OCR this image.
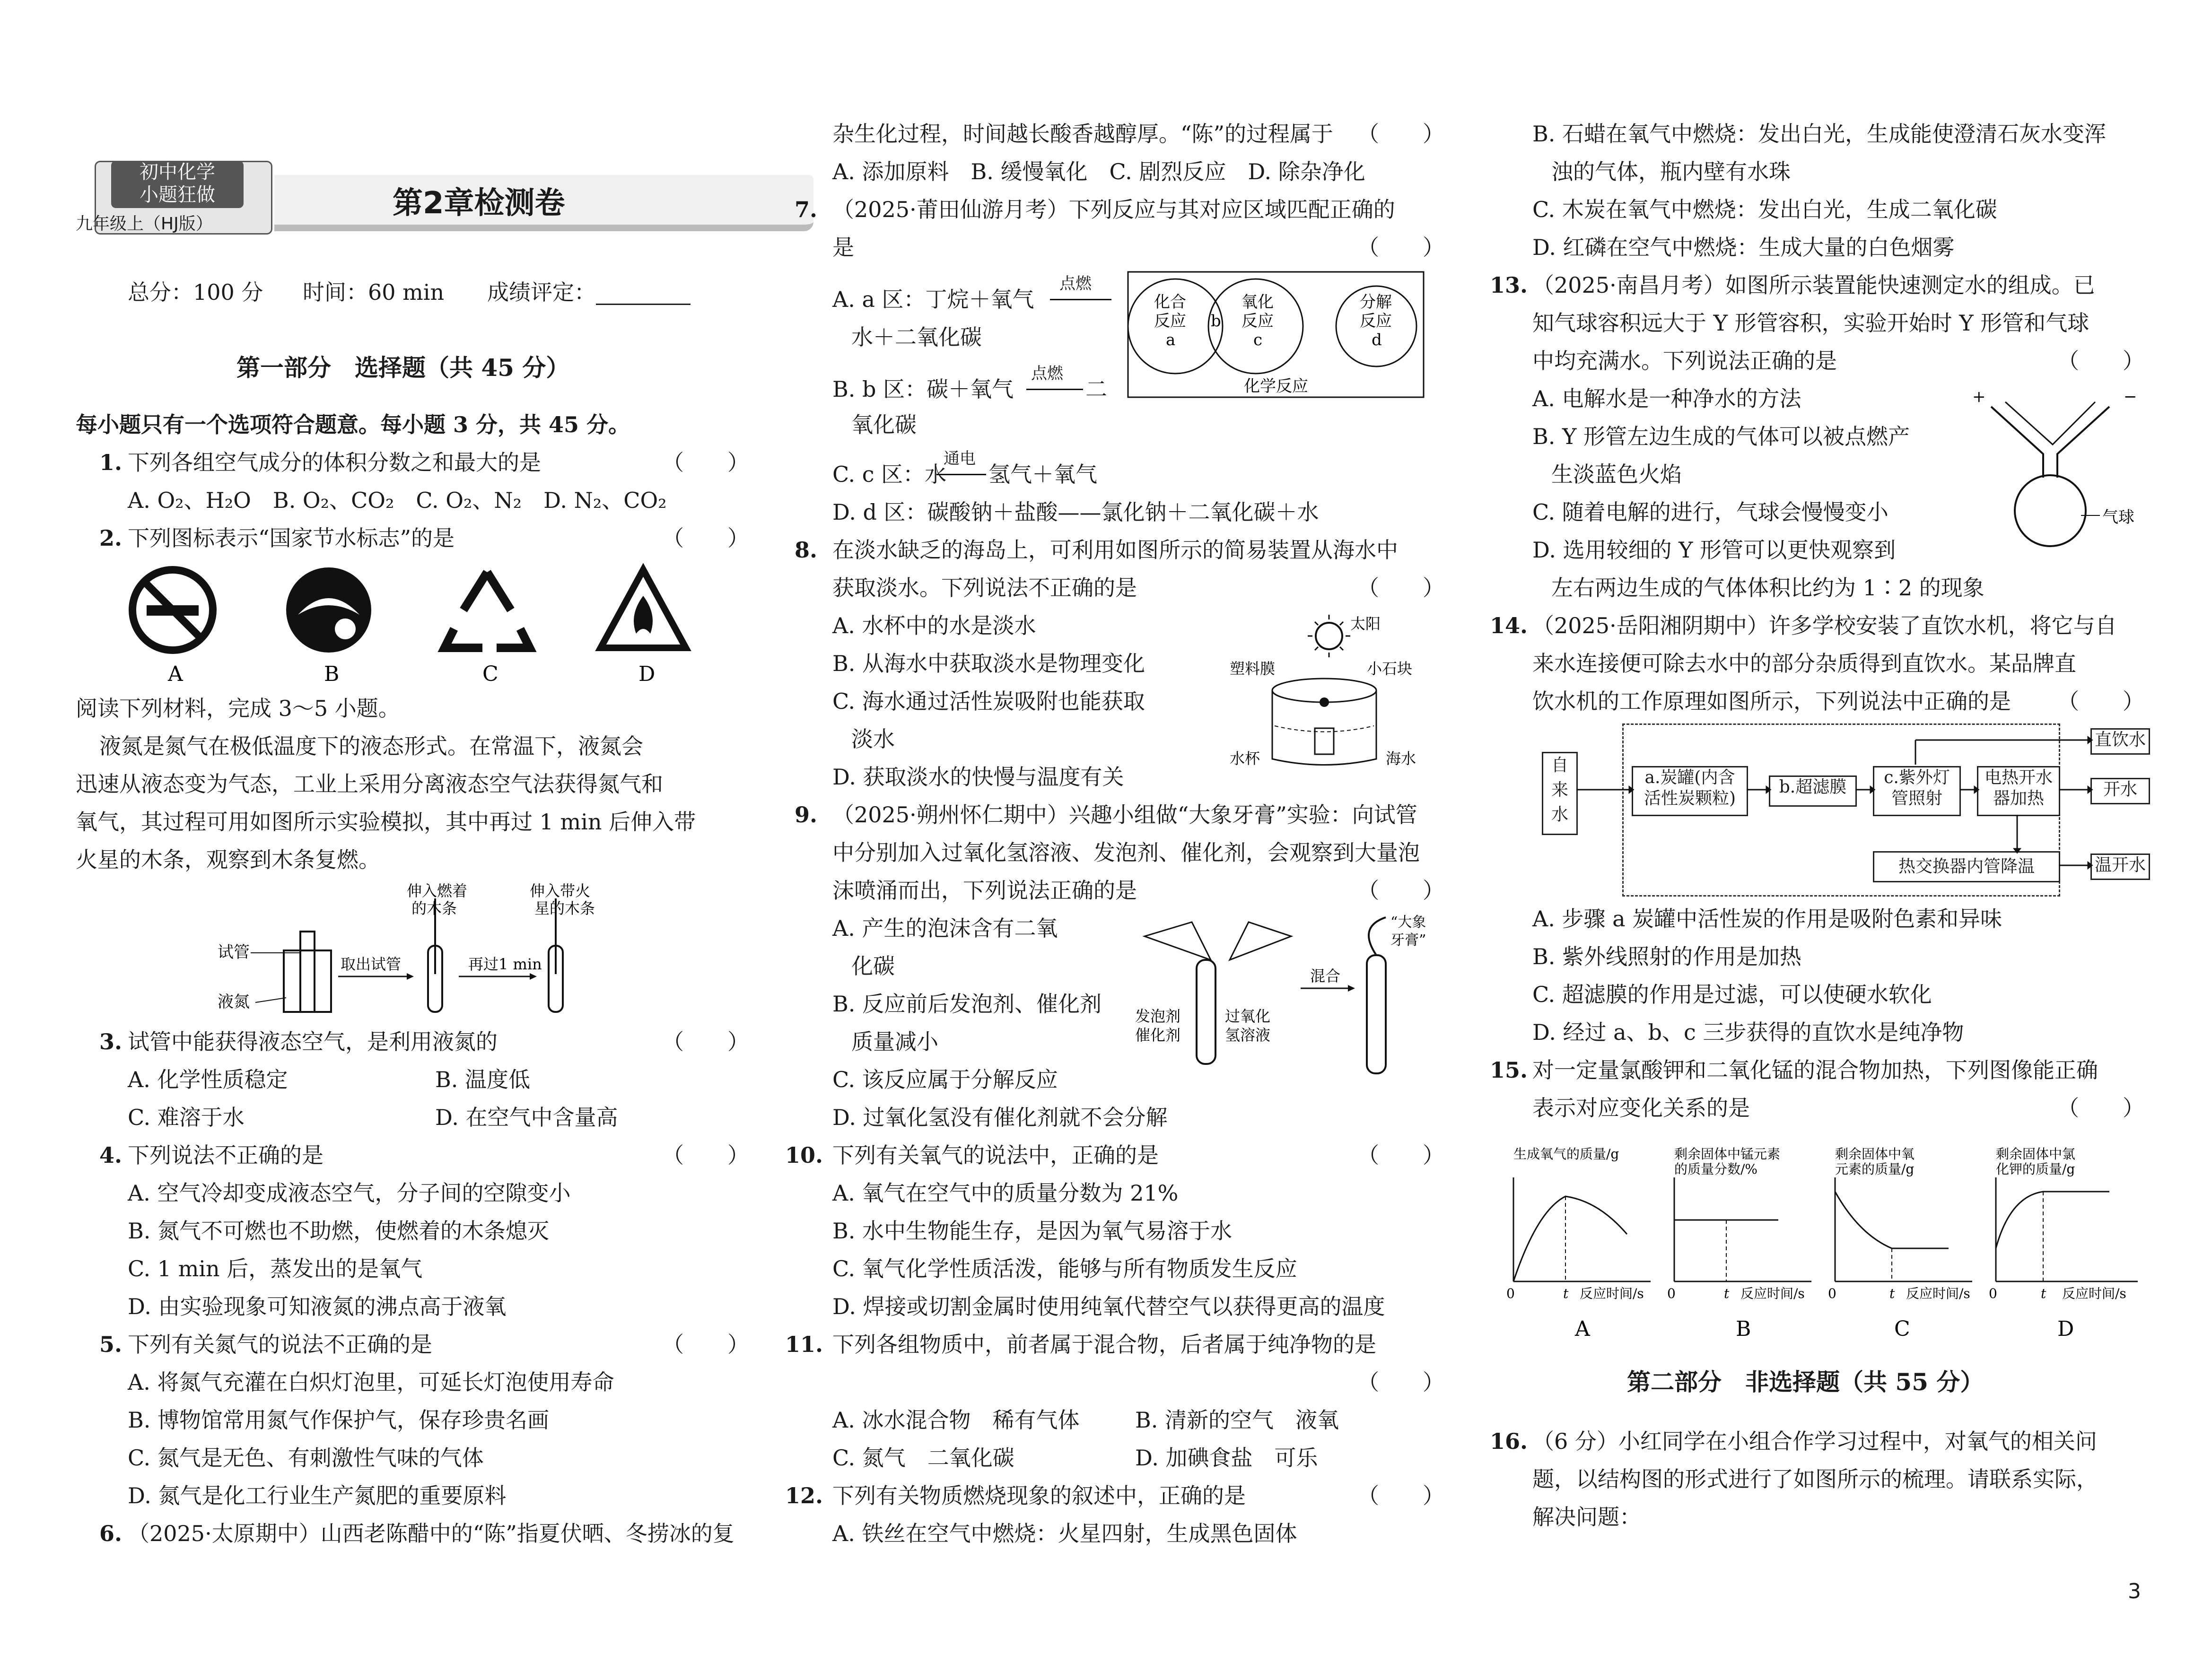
初中化学
小题狂做
九年级上（HJ版）
第2章检测卷
总分：100 分 时间：60 min 成绩评定：
第一部分　选择题（共 45 分）
每小题只有一个选项符合题意。每小题 3 分，共 45 分。
1. 下列各组空气成分的体积分数之和最大的是	（　　）
A. O₂、H₂O　B. O₂、CO₂　C. O₂、N₂　D. N₂、CO₂
2. 下列图标表示“国家节水标志”的是	（　　）
A	B	C	D
阅读下列材料，完成 3～5 小题。
液氮是氮气在极低温度下的液态形式。在常温下，液氮会
迅速从液态变为气态，工业上采用分离液态空气法获得氮气和
氧气，其过程可用如图所示实验模拟，其中再过 1 min 后伸入带
火星的木条，观察到木条复燃。
试管
液氮
取出试管
伸入燃着
的木条
再过1 min
伸入带火
星的木条
3. 试管中能获得液态空气，是利用液氮的	（　　）
A. 化学性质稳定	B. 温度低
C. 难溶于水	D. 在空气中含量高
4. 下列说法不正确的是	（　　）
A. 空气冷却变成液态空气，分子间的空隙变小
B. 氮气不可燃也不助燃，使燃着的木条熄灭
C. 1 min 后，蒸发出的是氧气
D. 由实验现象可知液氮的沸点高于液氧
5. 下列有关氮气的说法不正确的是	（　　）
A. 将氮气充灌在白炽灯泡里，可延长灯泡使用寿命
B. 博物馆常用氮气作保护气，保存珍贵名画
C. 氮气是无色、有刺激性气味的气体
D. 氮气是化工行业生产氮肥的重要原料
6. （2025·太原期中）山西老陈醋中的“陈”指夏伏晒、冬捞冰的复
杂生化过程，时间越长酸香越醇厚。“陈”的过程属于 （　　）
A. 添加原料　B. 缓慢氧化　C. 剧烈反应　D. 除杂净化
7. （2025·莆田仙游月考）下列反应与其对应区域匹配正确的
是	（　　）
A. a 区：丁烷＋氧气
点燃
水＋二氧化碳
B. b 区：碳＋氧气
点燃
二
氧化碳
C. c 区：水
通电
氢气＋氧气
D. d 区：碳酸钠＋盐酸——氯化钠＋二氧化碳＋水
化合
反应
a
b
氧化
反应
c
分解
反应
d
化学反应
8. 在淡水缺乏的海岛上，可利用如图所示的简易装置从海水中
获取淡水。下列说法不正确的是	（　　）
A. 水杯中的水是淡水
B. 从海水中获取淡水是物理变化
C. 海水通过活性炭吸附也能获取
淡水
D. 获取淡水的快慢与温度有关
太阳
塑料膜	小石块
水杯	海水
9. （2025·朔州怀仁期中）兴趣小组做“大象牙膏”实验：向试管
中分别加入过氧化氢溶液、发泡剂、催化剂，会观察到大量泡
沫喷涌而出，下列说法正确的是	（　　）
A. 产生的泡沫含有二氧
化碳
B. 反应前后发泡剂、催化剂
质量减小
C. 该反应属于分解反应
D. 过氧化氢没有催化剂就不会分解
发泡剂
催化剂
过氧化
氢溶液
混合
“大象
牙膏”
10. 下列有关氧气的说法中，正确的是	（　　）
A. 氧气在空气中的质量分数为 21%
B. 水中生物能生存，是因为氧气易溶于水
C. 氧气化学性质活泼，能够与所有物质发生反应
D. 焊接或切割金属时使用纯氧代替空气以获得更高的温度
11. 下列各组物质中，前者属于混合物，后者属于纯净物的是
（　　）
A. 冰水混合物　稀有气体	B. 清新的空气　液氧
C. 氮气　二氧化碳	D. 加碘食盐　可乐
12. 下列有关物质燃烧现象的叙述中，正确的是	（　　）
A. 铁丝在空气中燃烧：火星四射，生成黑色固体
B. 石蜡在氧气中燃烧：发出白光，生成能使澄清石灰水变浑
浊的气体，瓶内壁有水珠
C. 木炭在氧气中燃烧：发出白光，生成二氧化碳
D. 红磷在空气中燃烧：生成大量的白色烟雾
13. （2025·南昌月考）如图所示装置能快速测定水的组成。已
知气球容积远大于 Y 形管容积，实验开始时 Y 形管和气球
中均充满水。下列说法正确的是	（　　）
A. 电解水是一种净水的方法
B. Y 形管左边生成的气体可以被点燃产
生淡蓝色火焰
C. 随着电解的进行，气球会慢慢变小
D. 选用较细的 Y 形管可以更快观察到
左右两边生成的气体体积比约为 1∶2 的现象
+	−
气球
14. （2025·岳阳湘阴期中）许多学校安装了直饮水机，将它与自
来水连接便可除去水中的部分杂质得到直饮水。某品牌直
饮水机的工作原理如图所示，下列说法中正确的是 （　　）
自
来
水
a.炭罐(内含
活性炭颗粒)
b.超滤膜	c.紫外灯
管照射
电热开水
器加热
直饮水
开水
热交换器内管降温	温开水
A. 步骤 a 炭罐中活性炭的作用是吸附色素和异味
B. 紫外线照射的作用是加热
C. 超滤膜的作用是过滤，可以使硬水软化
D. 经过 a、b、c 三步获得的直饮水是纯净物
15. 对一定量氯酸钾和二氧化锰的混合物加热，下列图像能正确
表示对应变化关系的是	（　　）
生成氧气的质量/g
0	t 反应时间/s
A
剩余固体中锰元素
的质量分数/%
0	t 反应时间/s
B
剩余固体中氧
元素的质量/g
0	t 反应时间/s
C
剩余固体中氯
化钾的质量/g
0	t 反应时间/s
D
第二部分　非选择题（共 55 分）
16. （6 分）小红同学在小组合作学习过程中，对氧气的相关问
题，以结构图的形式进行了如图所示的梳理。请联系实际，
解决问题：
3
